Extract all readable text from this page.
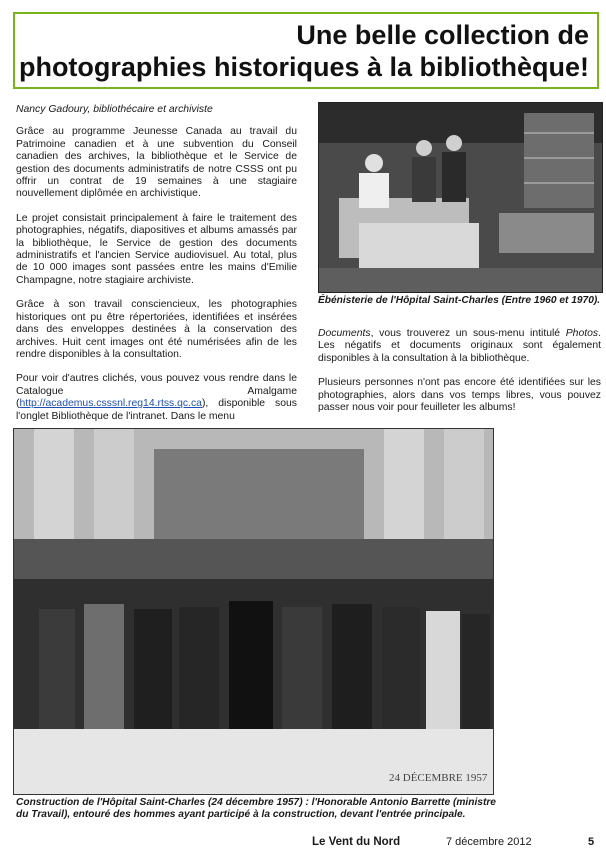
Une belle collection de
photographies historiques à la bibliothèque!

Nancy Gadoury, bibliothécaire et archiviste

Grâce au programme Jeunesse Canada au travail du Patrimoine canadien et à une subvention du Conseil canadien des archives, la bibliothèque et le Service de gestion des documents administratifs de notre CSSS ont pu offrir un contrat de 19 semaines à une stagiaire nouvellement diplômée en archivistique.

Le projet consistait principalement à faire le traitement des photographies, négatifs, diapositives et albums amassés par la bibliothèque, le Service de gestion des documents administratifs et l'ancien Service audiovisuel. Au total, plus de 10 000 images sont passées entre les mains d'Emilie Champagne, notre stagiaire archiviste.

Grâce à son travail consciencieux, les photographies historiques ont pu être répertoriées, identifiées et insérées dans des enveloppes destinées à la conservation des archives. Huit cent images ont été numérisées afin de les rendre disponibles à la consultation.

Pour voir d'autres clichés, vous pouvez vous rendre dans le Catalogue Amalgame (http://academus.csssnl.reg14.rtss.qc.ca), disponible sous l'onglet Bibliothèque de l'intranet. Dans le menu

Ébénisterie de l'Hôpital Saint-Charles (Entre 1960 et 1970).

Documents, vous trouverez un sous-menu intitulé Photos. Les négatifs et documents originaux sont également disponibles à la consultation à la bibliothèque.

Plusieurs personnes n'ont pas encore été identifiées sur les photographies, alors dans vos temps libres, vous pouvez passer nous voir pour feuilleter les albums!

24 DÉCEMBRE 1957
Construction de l'Hôpital Saint-Charles (24 décembre 1957) : l'Honorable Antonio Barrette (ministre du Travail), entouré des hommes ayant participé à la construction, devant l'entrée principale.
Le Vent du Nord	7 décembre 2012	5
